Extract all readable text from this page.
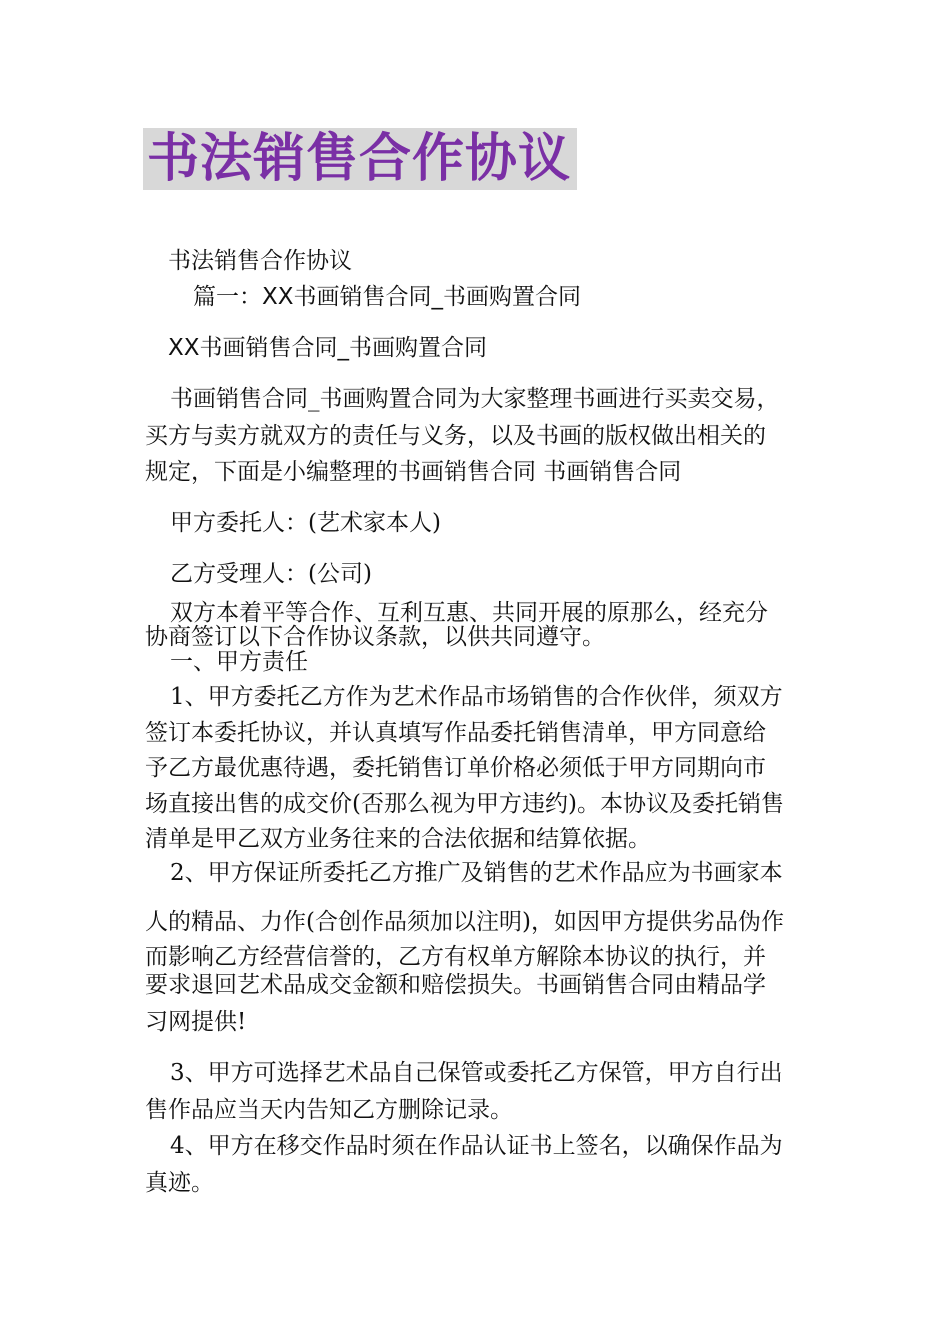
书法销售合作协议
书法销售合作协议
篇一：XX书画销售合同_书画购置合同
XX书画销售合同_书画购置合同
书画销售合同_书画购置合同为大家整理书画进行买卖交易，
买方与卖方就双方的责任与义务，以及书画的版权做出相关的
规定，下面是小编整理的书画销售合同 书画销售合同
甲方委托人：(艺术家本人)
乙方受理人：(公司)
双方本着平等合作、互利互惠、共同开展的原那么，经充分
协商签订以下合作协议条款，以供共同遵守。
一、甲方责任
1、甲方委托乙方作为艺术作品市场销售的合作伙伴，须双方
签订本委托协议，并认真填写作品委托销售清单，甲方同意给
予乙方最优惠待遇，委托销售订单价格必须低于甲方同期向市
场直接出售的成交价(否那么视为甲方违约)。本协议及委托销售
清单是甲乙双方业务往来的合法依据和结算依据。
2、甲方保证所委托乙方推广及销售的艺术作品应为书画家本
人的精品、力作(合创作品须加以注明)，如因甲方提供劣品伪作
而影响乙方经营信誉的，乙方有权单方解除本协议的执行，并
要求退回艺术品成交金额和赔偿损失。书画销售合同由精品学
习网提供!
3、甲方可选择艺术品自己保管或委托乙方保管，甲方自行出
售作品应当天内告知乙方删除记录。
4、甲方在移交作品时须在作品认证书上签名，以确保作品为
真迹。
